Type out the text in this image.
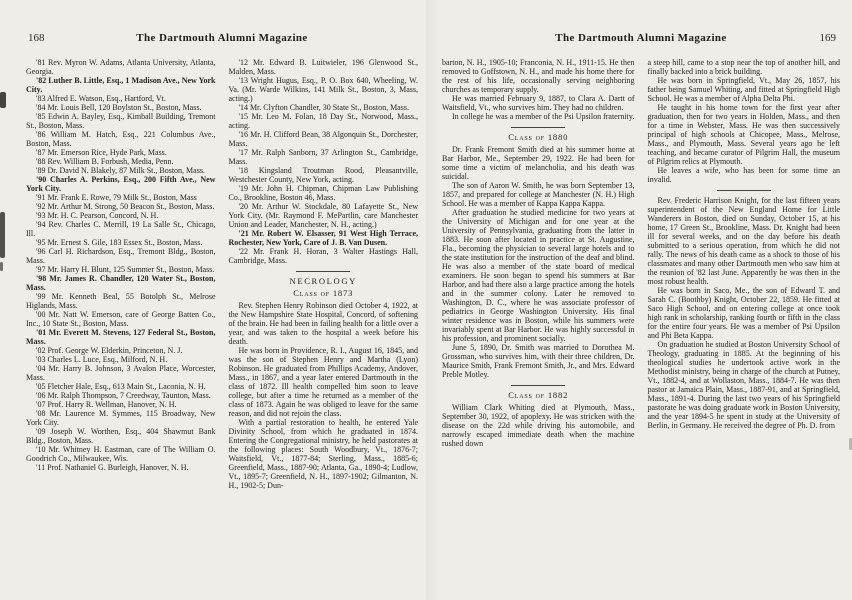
168	The Dartmouth Alumni Magazine
'81 Rev. Myron W. Adams, Atlanta University, Atlanta, Georgia.
'82 Luther B. Little, Esq., 1 Madison Ave., New York City.
'83 Alfred E. Watson, Esq., Hartford, Vt.
'84 Mr. Louis Bell, 120 Boylston St., Boston, Mass.
'85 Edwin A. Bayley, Esq., Kimball Building, Tremont St., Boston, Mass.
'86 William M. Hatch, Esq., 221 Columbus Ave., Boston, Mass.
'87 Mr. Emerson Rice, Hyde Park, Mass.
'88 Rev. William B. Forbush, Media, Penn.
'89 Dr. David N. Blakely, 87 Milk St., Boston, Mass.
'90 Charles A. Perkins, Esq., 200 Fifth Ave., New York City.
'91 Mr. Frank E. Rowe, 79 Milk St., Boston, Mass
'92 Mr. Arthur M. Strong, 50 Beacon St., Boston, Mass.
'93 Mr. H. C. Pearson, Concord, N. H.
'94 Rev. Charles C. Merrill, 19 La Salle St., Chicago, Ill.
'95 Mr. Ernest S. Gile, 183 Essex St., Boston, Mass.
'96 Carl H. Richardson, Esq., Tremont Bldg., Boston, Mass.
'97 Mr. Harry H. Blunt, 125 Summer St., Boston, Mass.
'98 Mr. James R. Chandler, 120 Water St., Boston, Mass.
'99 Mr. Kenneth Beal, 55 Botolph St., Melrose Higlands, Mass.
'00 Mr. Natt W. Emerson, care of George Batten Co., Inc., 10 State St., Boston, Mass.
'01 Mr. Everett M. Stevens, 127 Federal St., Boston, Mass.
'02 Prof. George W. Elderkin, Princeton, N. J.
'03 Charles L. Luce, Esq., Milford, N. H.
'04 Mr. Harry B. Johnson, 3 Avalon Place, Worcester, Mass.
'05 Fletcher Hale, Esq., 613 Main St., Laconia, N. H.
'06 Mr. Ralph Thompson, 7 Creedway, Taunton, Mass.
'07 Prof. Harry R. Wellman, Hanover, N. H.
'08 Mr. Laurence M. Symmes, 115 Broadway, New York City.
'09 Joseph W. Worthen, Esq., 404 Shawmut Bank Bldg., Boston, Mass.
'10 Mr. Whitney H. Eastman, care of The William O. Goodrich Co., Milwaukee, Wis.
'11 Prof. Nathaniel G. Burleigh, Hanover, N. H.
'12 Mr. Edward B. Luitwieler, 196 Glenwood St., Malden, Mass.
'13 Wright Hugus, Esq., P. O. Box 640, Wheeling, W. Va. (Mr. Warde Wilkins, 141 Milk St., Boston, 3, Mass, acting.)
'14 Mr. Clyfton Chandler, 30 State St., Boston, Mass.
'15 Mr. Leo M. Folan, 18 Day St., Norwood, Mass., acting.
'16 Mr. H. Clifford Bean, 38 Algonquin St., Dorchester, Mass.
'17 Mr. Ralph Sanborn, 37 Arlington St., Cambridge, Mass.
'18 Kingsland Troutman Rood, Pleasantville, Westchester County, New York, acting.
'19 Mr. John H. Chipman, Chipman Law Publishing Co., Brookline, Boston 46, Mass.
'20 Mr. Arthur W. Stockdale, 80 Lafayette St., New York City. (Mr. Raymond F. MePartlin, care Manchester Union and Leader, Manchester, N. H., acting.)
'21 Mr. Robert W. Elsasser, 91 West High Terrace, Rochester, New York, Care of J. B. Van Dusen.
'22 Mr. Frank H. Horan, 3 Walter Hastings Hall, Cambridge, Mass.
NECROLOGY
Class of 1873
Rev. Stephen Henry Robinson died October 4, 1922, at the New Hampshire State Hospital, Concord, of softening of the brain. He had been in failing health for a little over a year, and was taken to the hospital a week before his death.
He was born in Providence, R. I., August 16, 1845, and was the son of Stephen Henry and Martha (Lyon) Robinson. He graduated from Phillips Academy, Andover, Mass., in 1867, and a year later entered Dartmouth in the class of 1872. Ill health compelled him soon to leave college, but after a time he returned as a member of the class of 1873. Again he was obliged to leave for the same reason, and did not rejoin the class.
With a partial restoration to health, he entered Yale Divinity School, from which he graduated in 1874. Entering the Congregational ministry, he held pastorates at the following places: South Woodbury, Vt., 1876-7; Waitsfield, Vt., 1877-84; Sterling, Mass., 1885-6; Greenfield, Mass., 1887-90; Atlanta, Ga., 1890-4; Ludlow, Vt., 1895-7; Greenfield, N. H., 1897-1902; Gilmanton, N. H., 1902-5; Dun-
The Dartmouth Alumni Magazine	169
barton, N. H., 1905-10; Franconia, N. H., 1911-15. He then removed to Goffstown, N. H., and made his home there for the rest of his life, occasionally serving neighboring churches as temporary supply.
He was married February 9, 1887, to Clara A. Dartt of Waitsfield, Vt., who survives him. They had no children.
In college he was a member of the Psi Upsilon fraternity.
Class of 1880
Dr. Frank Fremont Smith died at his summer home at Bar Harbor, Me., September 29, 1922. He had been for some time a victim of melancholia, and his death was suicidal.
The son of Aaron W. Smith, he was born September 13, 1857, and prepared for college at Manchester (N. H.) High School. He was a member of Kappa Kappa Kappa.
After graduation he studied medicine for two years at the University of Michigan and for one year at the University of Pennsylvania, graduating from the latter in 1883. He soon after located in practice at St. Augustine, Fla., becoming the physician to several large hotels and to the state institution for the instruction of the deaf and blind. He was also a member of the state board of medical examiners. He soon began to spend his summers at Bar Harbor, and had there also a large practice among the hotels and in the summer colony. Later he removed to Washington, D. C., where he was associate professor of pediatrics in George Washington University. His final winter residence was in Boston, while his summers were invariably spent at Bar Harbor. He was highly successful in his profession, and prominent socially.
June 5, 1890, Dr. Smith was married to Dorothea M. Grossman, who survives him, with their three children, Dr. Maurice Smith, Frank Fremont Smith, Jr., and Mrs. Edward Preble Motley.
Class of 1882
William Clark Whiting died at Plymouth, Mass., September 30, 1922, of apoplexy. He was stricken with the disease on the 22d while driving his automobile, and narrowly escaped immediate death when the machine rushed down
a steep hill, came to a stop near the top of another hill, and finally backed into a brick building.
He was born in Springfield, Vt., May 26, 1857, his father being Samuel Whiting, and fitted at Springfield High School. He was a member of Alpha Delta Phi.
He taught in his home town for the first year after graduation, then for two years in Holden, Mass., and then for a time in Webster, Mass. He was then successively principal of high schools at Chicopee, Mass., Melrose, Mass., and Plymouth, Mass. Several years ago he left teaching, and became curator of Pilgrim Hall, the museum of Pilgrim relics at Plymouth.
He leaves a wife, who has been for some time an invalid.
Rev. Frederic Harrison Knight, for the last fifteen years superintendent of the New England Home for Little Wanderers in Boston, died on Sunday, October 15, at his home, 17 Green St., Brookline, Mass. Dr. Knight had been ill for several weeks, and on the day before his death submitted to a serious operation, from which he did not rally. The news of his death came as a shock to those of his classmates and many other Dartmouth men who saw him at the reunion of '82 last June. Apparently he was then in the most robust health.
He was born in Saco, Me., the son of Edward T. and Sarah C. (Boothby) Knight, October 22, 1859. He fitted at Saco High School, and on entering college at once took high rank in scholarship, ranking fourth or fifth in the class for the entire four years. He was a member of Psi Upsilon and Phi Beta Kappa.
On graduation he studied at Boston University School of Theology, graduating in 1885. At the beginning of his theological studies he undertook active work in the Methodist ministry, being in charge of the church at Putney, Vt., 1882-4, and at Wollaston, Mass., 1884-7. He was then pastor at Jamaica Plain, Mass., 1887-91, and at Springfield, Mass., 1891-4. During the last two years of his Springfield pastorate he was doing graduate work in Boston University, and the year 1894-5 he spent in study at the University of Berlin, in Germany. He received the degree of Ph. D. from
